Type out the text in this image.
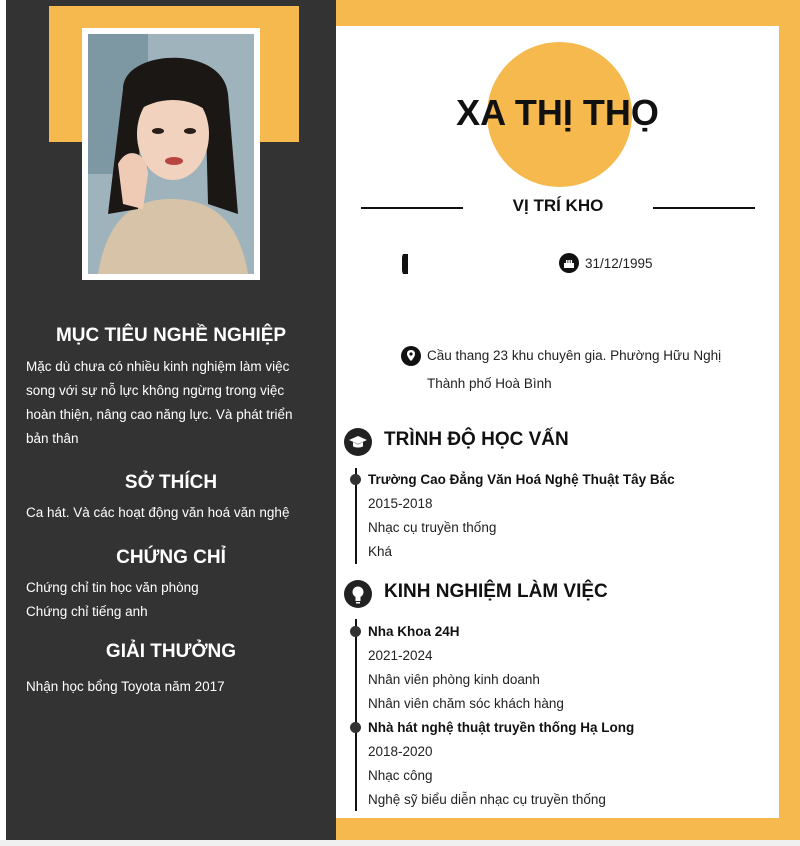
MỤC TIÊU NGHỀ NGHIỆP
Mặc dù chưa có nhiều kinh nghiệm làm việc
song với sự nỗ lực không ngừng trong việc
hoàn thiện, nâng cao năng lực. Và phát triển
bản thân
SỞ THÍCH
Ca hát. Và các hoạt động văn hoá văn nghệ
CHỨNG CHỈ
Chứng chỉ tin học văn phòng
Chứng chỉ tiếng anh
GIẢI THƯỞNG
Nhận học bổng Toyota năm 2017
XA THỊ THỌ
VỊ TRÍ KHO
31/12/1995
Cầu thang 23 khu chuyên gia. Phường Hữu Nghị
Thành phố Hoà Bình
TRÌNH ĐỘ HỌC VẤN
Trường Cao Đẳng Văn Hoá Nghệ Thuật Tây Bắc
2015-2018
Nhạc cụ truyền thống
Khá
KINH NGHIỆM LÀM VIỆC
Nha Khoa 24H
2021-2024
Nhân viên phòng kinh doanh
Nhân viên chăm sóc khách hàng
Nhà hát nghệ thuật truyền thống Hạ Long
2018-2020
Nhạc công
Nghệ sỹ biểu diễn nhạc cụ truyền thống
